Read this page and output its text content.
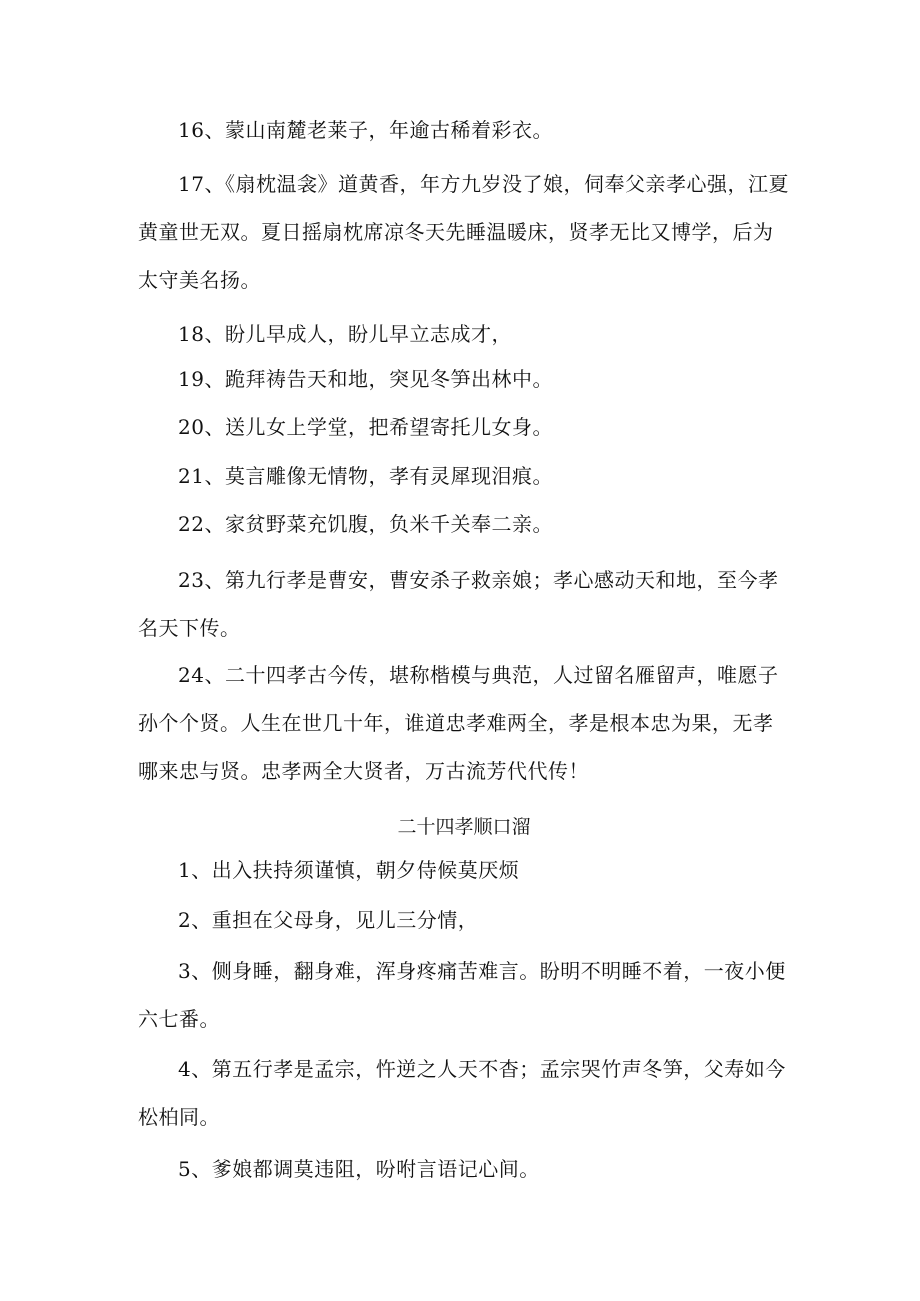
16、蒙山南麓老莱子，年逾古稀着彩衣。

17、《扇枕温衾》道黄香，年方九岁没了娘，伺奉父亲孝心强，江夏黄童世无双。夏日摇扇枕席凉冬天先睡温暖床，贤孝无比又博学，后为太守美名扬。

18、盼儿早成人，盼儿早立志成才，

19、跪拜祷告天和地，突见冬笋出林中。

20、送儿女上学堂，把希望寄托儿女身。

21、莫言雕像无情物，孝有灵犀现泪痕。

22、家贫野菜充饥腹，负米千关奉二亲。

23、第九行孝是曹安，曹安杀子救亲娘；孝心感动天和地，至今孝名天下传。

24、二十四孝古今传，堪称楷模与典范，人过留名雁留声，唯愿子孙个个贤。人生在世几十年，谁道忠孝难两全，孝是根本忠为果，无孝哪来忠与贤。忠孝两全大贤者，万古流芳代代传！

二十四孝顺口溜

1、出入扶持须谨慎，朝夕侍候莫厌烦

2、重担在父母身，见儿三分情，

3、侧身睡，翻身难，浑身疼痛苦难言。盼明不明睡不着，一夜小便六七番。

4、第五行孝是孟宗，忤逆之人天不杳；孟宗哭竹声冬笋，父寿如今松柏同。

5、爹娘都调莫违阻，吩咐言语记心间。
